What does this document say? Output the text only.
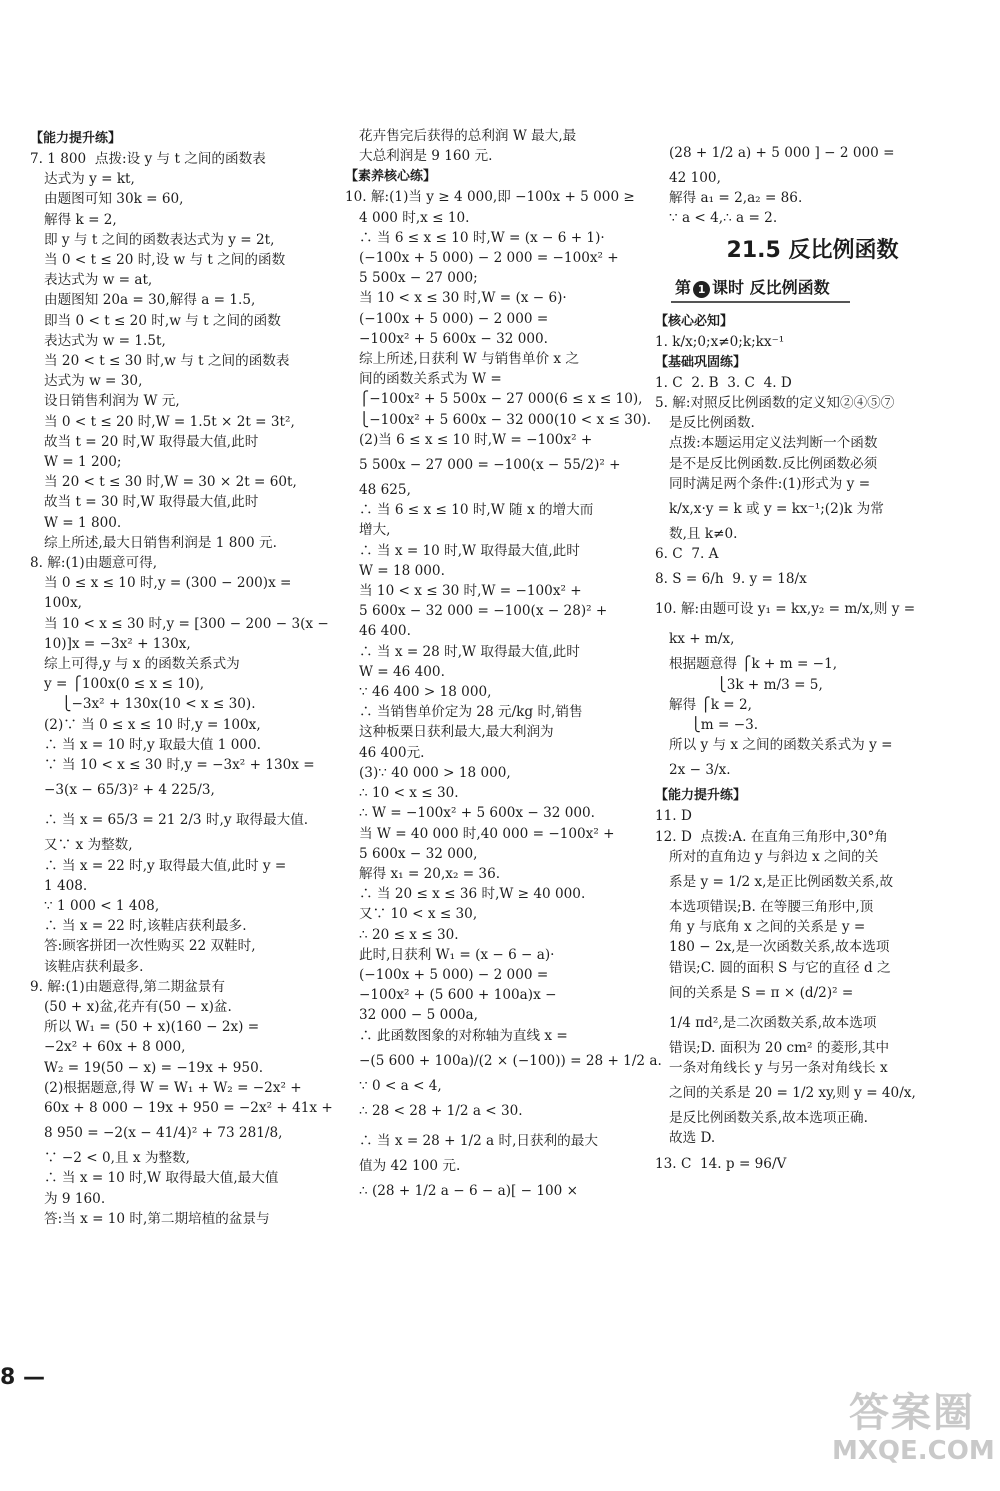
【能力提升练】

7. 1 800  点拨:设 y 与 t 之间的函数表

达式为 y = kt,

由题图可知 30k = 60,

解得 k = 2,

即 y 与 t 之间的函数表达式为 y = 2t,

当 0 < t ≤ 20 时,设 w 与 t 之间的函数

表达式为 w = at,

由题图知 20a = 30,解得 a = 1.5,

即当 0 < t ≤ 20 时,w 与 t 之间的函数

表达式为 w = 1.5t,

当 20 < t ≤ 30 时,w 与 t 之间的函数表

达式为 w = 30,

设日销售利润为 W 元,

当 0 < t ≤ 20 时,W = 1.5t × 2t = 3t²,

故当 t = 20 时,W 取得最大值,此时

W = 1 200;

当 20 < t ≤ 30 时,W = 30 × 2t = 60t,

故当 t = 30 时,W 取得最大值,此时

W = 1 800.

综上所述,最大日销售利润是 1 800 元.

8. 解:(1)由题意可得,

当 0 ≤ x ≤ 10 时,y = (300 − 200)x =

100x,

当 10 < x ≤ 30 时,y = [300 − 200 − 3(x −

10)]x = −3x² + 130x,

综上可得,y 与 x 的函数关系式为

y = ⎧100x(0 ≤ x ≤ 10),

⎩−3x² + 130x(10 < x ≤ 30).

(2)∵ 当 0 ≤ x ≤ 10 时,y = 100x,

∴ 当 x = 10 时,y 取最大值 1 000.

∵ 当 10 < x ≤ 30 时,y = −3x² + 130x =

−3(x − 65/3)² + 4 225/3,

∴ 当 x = 65/3 = 21 2/3 时,y 取得最大值.

又∵ x 为整数,

∴ 当 x = 22 时,y 取得最大值,此时 y =

1 408.

∵ 1 000 < 1 408,

∴ 当 x = 22 时,该鞋店获利最多.

答:顾客拼团一次性购买 22 双鞋时,

该鞋店获利最多.

9. 解:(1)由题意得,第二期盆景有

(50 + x)盆,花卉有(50 − x)盆.

所以 W₁ = (50 + x)(160 − 2x) =

−2x² + 60x + 8 000,

W₂ = 19(50 − x) = −19x + 950.

(2)根据题意,得 W = W₁ + W₂ = −2x² +

60x + 8 000 − 19x + 950 = −2x² + 41x +

8 950 = −2(x − 41/4)² + 73 281/8,

∵ −2 < 0,且 x 为整数,

∴ 当 x = 10 时,W 取得最大值,最大值

为 9 160.

答:当 x = 10 时,第二期培植的盆景与

花卉售完后获得的总利润 W 最大,最

大总利润是 9 160 元.

【素养核心练】

10. 解:(1)当 y ≥ 4 000,即 −100x + 5 000 ≥

4 000 时,x ≤ 10.

∴ 当 6 ≤ x ≤ 10 时,W = (x − 6 + 1)·

(−100x + 5 000) − 2 000 = −100x² +

5 500x − 27 000;

当 10 < x ≤ 30 时,W = (x − 6)·

(−100x + 5 000) − 2 000 =

−100x² + 5 600x − 32 000.

综上所述,日获利 W 与销售单价 x 之

间的函数关系式为 W =

⎧−100x² + 5 500x − 27 000(6 ≤ x ≤ 10),

⎩−100x² + 5 600x − 32 000(10 < x ≤ 30).

(2)当 6 ≤ x ≤ 10 时,W = −100x² +

5 500x − 27 000 = −100(x − 55/2)² +

48 625,

∴ 当 6 ≤ x ≤ 10 时,W 随 x 的增大而

增大,

∴ 当 x = 10 时,W 取得最大值,此时

W = 18 000.

当 10 < x ≤ 30 时,W = −100x² +

5 600x − 32 000 = −100(x − 28)² +

46 400.

∴ 当 x = 28 时,W 取得最大值,此时

W = 46 400.

∵ 46 400 > 18 000,

∴ 当销售单价定为 28 元/kg 时,销售

这种板栗日获利最大,最大利润为

46 400元.

(3)∵ 40 000 > 18 000,

∴ 10 < x ≤ 30.

∴ W = −100x² + 5 600x − 32 000.

当 W = 40 000 时,40 000 = −100x² +

5 600x − 32 000,

解得 x₁ = 20,x₂ = 36.

∴ 当 20 ≤ x ≤ 36 时,W ≥ 40 000.

又∵ 10 < x ≤ 30,

∴ 20 ≤ x ≤ 30.

此时,日获利 W₁ = (x − 6 − a)·

(−100x + 5 000) − 2 000 =

−100x² + (5 600 + 100a)x −

32 000 − 5 000a,

∴ 此函数图象的对称轴为直线 x =

−(5 600 + 100a)/(2 × (−100)) = 28 + 1/2 a.

∵ 0 < a < 4,

∴ 28 < 28 + 1/2 a < 30.

∴ 当 x = 28 + 1/2 a 时,日获利的最大

值为 42 100 元.

∴ (28 + 1/2 a − 6 − a)[ − 100 ×

(28 + 1/2 a) + 5 000 ] − 2 000 =

42 100,

解得 a₁ = 2,a₂ = 86.

∵ a < 4,∴ a = 2.

21.5 反比例函数
第 1 课时 反比例函数

【核心必知】

1. k/x;0;x≠0;k;kx⁻¹

【基础巩固练】

1. C  2. B  3. C  4. D

5. 解:对照反比例函数的定义知②④⑤⑦

是反比例函数.

点拨:本题运用定义法判断一个函数

是不是反比例函数.反比例函数必须

同时满足两个条件:(1)形式为 y =

k/x,x·y = k 或 y = kx⁻¹;(2)k 为常

数,且 k≠0.

6. C  7. A

8. S = 6/h  9. y = 18/x

10. 解:由题可设 y₁ = kx,y₂ = m/x,则 y =

kx + m/x,

根据题意得 ⎧k + m = −1,

⎩3k + m/3 = 5,

解得 ⎧k = 2,

⎩m = −3.

所以 y 与 x 之间的函数关系式为 y =

2x − 3/x.

【能力提升练】

11. D

12. D  点拨:A. 在直角三角形中,30°角

所对的直角边 y 与斜边 x 之间的关

系是 y = 1/2 x,是正比例函数关系,故

本选项错误;B. 在等腰三角形中,顶

角 y 与底角 x 之间的关系是 y =

180 − 2x,是一次函数关系,故本选项

错误;C. 圆的面积 S 与它的直径 d 之

间的关系是 S = π × (d/2)² =

1/4 πd²,是二次函数关系,故本选项

错误;D. 面积为 20 cm² 的菱形,其中

一条对角线长 y 与另一条对角线长 x

之间的关系是 20 = 1/2 xy,则 y = 40/x,

是反比例函数关系,故本选项正确.

故选 D.

13. C  14. p = 96/V

8 —
答案圈
MXQE.COM
